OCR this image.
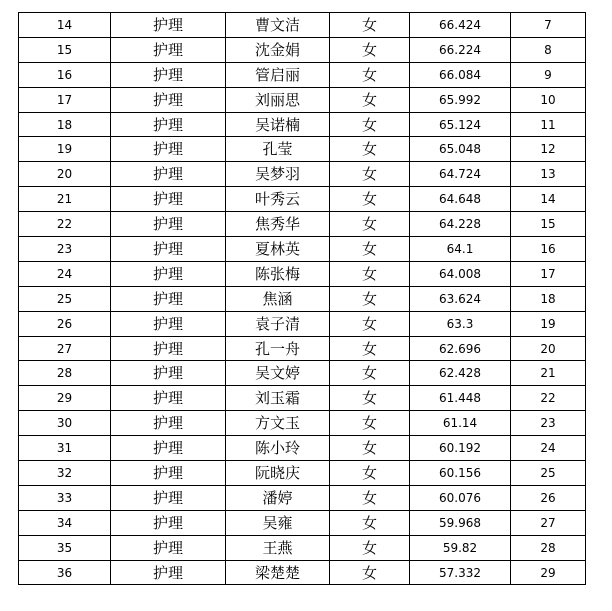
14	护理	曹文洁	女	66.424	7
15	护理	沈金娟	女	66.224	8
16	护理	管启丽	女	66.084	9
17	护理	刘丽思	女	65.992	10
18	护理	吴诺楠	女	65.124	11
19	护理	孔莹	女	65.048	12
20	护理	吴梦羽	女	64.724	13
21	护理	叶秀云	女	64.648	14
22	护理	焦秀华	女	64.228	15
23	护理	夏林英	女	64.1	16
24	护理	陈张梅	女	64.008	17
25	护理	焦涵	女	63.624	18
26	护理	袁子清	女	63.3	19
27	护理	孔一舟	女	62.696	20
28	护理	吴文婷	女	62.428	21
29	护理	刘玉霜	女	61.448	22
30	护理	方文玉	女	61.14	23
31	护理	陈小玲	女	60.192	24
32	护理	阮晓庆	女	60.156	25
33	护理	潘婷	女	60.076	26
34	护理	吴雍	女	59.968	27
35	护理	王燕	女	59.82	28
36	护理	梁楚楚	女	57.332	29
